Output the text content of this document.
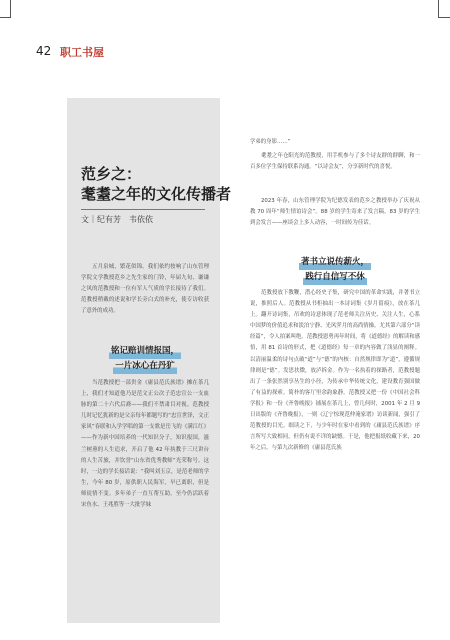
42 职工书屋
范乡之：
耄耋之年的文化传播者
文｜纪有芳　韦依依

五月泉城，繁花似锦。我们依约按响了山东管理学院文学教授范乡之先生家的门铃，年届九旬、谦谦之风的范教授和一位有军人气质的学长接待了我们。范教授稍戴的述说和学长旁白式的补充，使专访收获了意外的成功。

铭记赔训情报国，
一片冰心在丹犷

当范教授把一部贵金《庸县范氏族谱》摊在茶几上，我们才知道他乃是范文正公次子范忠宣公一支血脉的第二十六代后裔——我们不禁肃目对视。范教授儿时记忆犹新的是父亲每年都题写的“忠宣世泽，文正家风”春联和入学学唱的第一支歌是岳飞的《满江红》——作为新中国培养的一代知识分子，知识报国，滋兰树蕙的人生追求，开启了他 42 年执教于三尺讲台的人生苦旅，并饮誉“山东省优秀教师”光荣称号。这时，一边的学长接话说：“我叫刘玉京，是范老师的学生，今年 80 岁，原供职人民海军，早已离职，但是师徒情不变。多年弟子一直互帮互助，至今仍活跃着宋鱼水、王兆胜等一大批学妹

学弟的身影……”

耄耋之年仓阳光的范教授，用手机参与了多个诗友群的群聊，和一百多位学生保持联系沟通。“以诗会友”，分享新时代的喜悦。

2023 年春，山东管理学院为纪德发表的范乡之教授举办了庆祝从教 70 周年“师生情谊诗会”。88 岁的学生寄来了发言稿，83 岁的学生到会发言——座谈会上多人动容，一时间传为佳话。

著书立说传薪火，
践行自信写不休

范教授放下教鞭，潜心经史子集，研究中国的革命实践，并著书立说，推照后人。范教授从书柜抽出一本诗词集《岁月留痕》，放在茶几上。翻开诗词集，吊欢的诗意体现了范老师关注历史、关注人生，心系中国梦的价值追求和淡泊宁静、光风霁月的高尚情操。尤其第六部分“读经篇”，令人拍案叫绝。范教授恩勇再年时间，将《道德经》的解读和感悟，用 81 首诗的形式，把《道德经》每一章的内容做了浅显的阐释。以清丽温柔的诗句点破“道”与“德”的内核：自然规律即为“道”，遵循规律则是“德”。发思扶微，放泸拆金。作为一名执着的探路者，范教授题出了一条张然别享丛生的小径，为传承中华传统文化，建设教育强国做了有益的探索。简朴的客厅里余韵象静。范教授又把一份《中国社会科学报》和一份《齐鲁晚报》铺展在茶几上，曾几何时，2001 年 2 月 9 日出版的《齐鲁晚报》，一则《辽宁惊现范仲淹家谱》访谈新闻，强引了范教授的目光。细读之下，与少年时在家中看到的《庸县范氏族谱》序言所写大致相同，但仍有说不详的缺憾。于是，他把报纸收藏下来，20 年之后，与第九次新修的《庸县范氏族
